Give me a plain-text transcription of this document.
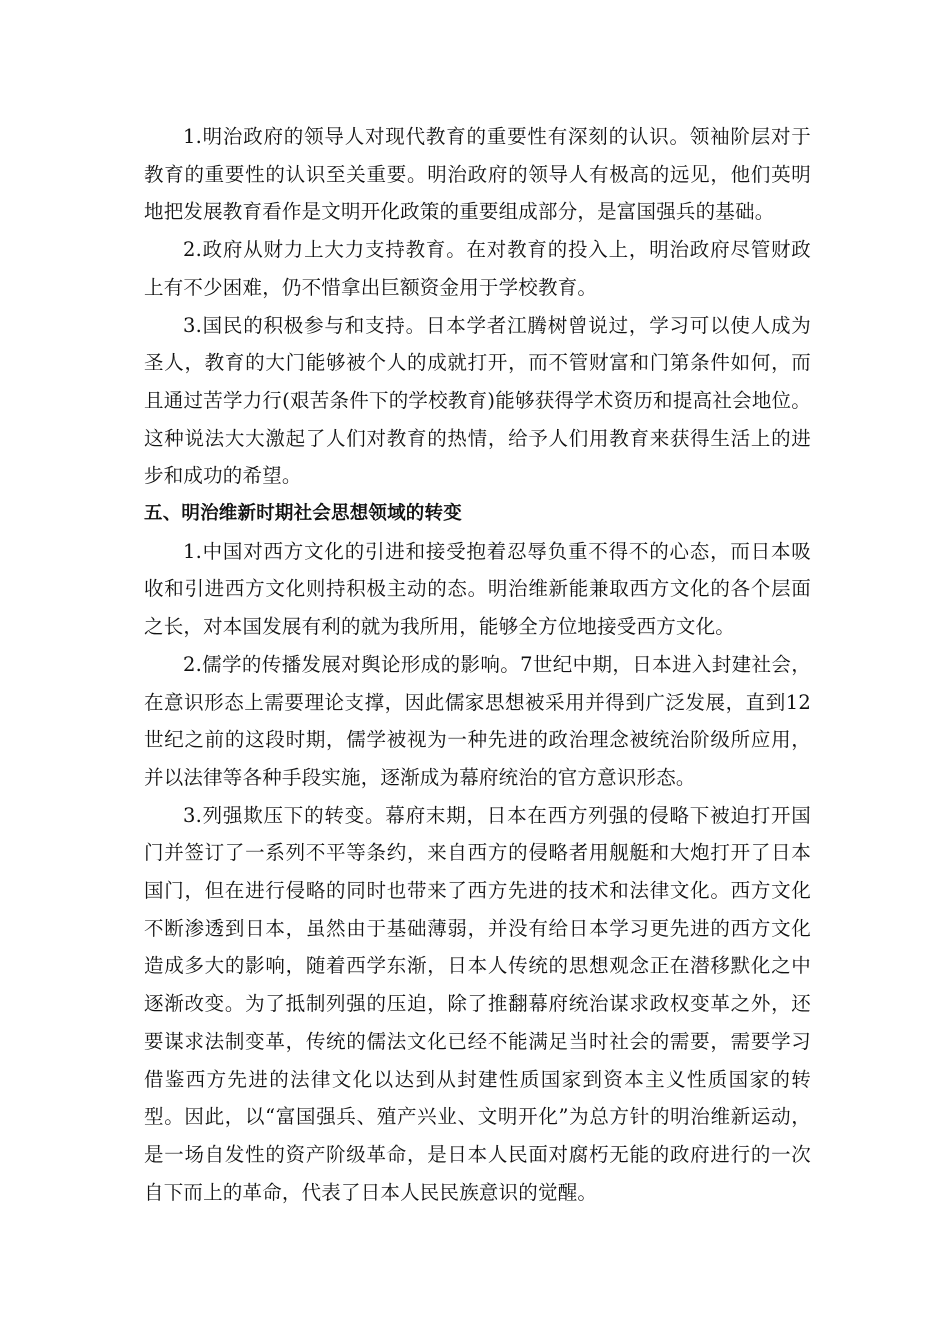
1.明治政府的领导人对现代教育的重要性有深刻的认识。领袖阶层对于教育的重要性的认识至关重要。明治政府的领导人有极高的远见，他们英明地把发展教育看作是文明开化政策的重要组成部分，是富国强兵的基础。

2.政府从财力上大力支持教育。在对教育的投入上，明治政府尽管财政上有不少困难，仍不惜拿出巨额资金用于学校教育。

3.国民的积极参与和支持。日本学者江腾树曾说过，学习可以使人成为圣人，教育的大门能够被个人的成就打开，而不管财富和门第条件如何，而且通过苦学力行(艰苦条件下的学校教育)能够获得学术资历和提高社会地位。这种说法大大激起了人们对教育的热情，给予人们用教育来获得生活上的进步和成功的希望。

五、明治维新时期社会思想领域的转变

1.中国对西方文化的引进和接受抱着忍辱负重不得不的心态，而日本吸收和引进西方文化则持积极主动的态。明治维新能兼取西方文化的各个层面之长，对本国发展有利的就为我所用，能够全方位地接受西方文化。

2.儒学的传播发展对舆论形成的影响。7世纪中期，日本进入封建社会，在意识形态上需要理论支撑，因此儒家思想被采用并得到广泛发展，直到12世纪之前的这段时期，儒学被视为一种先进的政治理念被统治阶级所应用，并以法律等各种手段实施，逐渐成为幕府统治的官方意识形态。

3.列强欺压下的转变。幕府末期，日本在西方列强的侵略下被迫打开国门并签订了一系列不平等条约，来自西方的侵略者用舰艇和大炮打开了日本国门，但在进行侵略的同时也带来了西方先进的技术和法律文化。西方文化不断渗透到日本，虽然由于基础薄弱，并没有给日本学习更先进的西方文化造成多大的影响，随着西学东渐，日本人传统的思想观念正在潜移默化之中逐渐改变。为了抵制列强的压迫，除了推翻幕府统治谋求政权变革之外，还要谋求法制变革，传统的儒法文化已经不能满足当时社会的需要，需要学习借鉴西方先进的法律文化以达到从封建性质国家到资本主义性质国家的转型。因此，以“富国强兵、殖产兴业、文明开化”为总方针的明治维新运动，是一场自发性的资产阶级革命，是日本人民面对腐朽无能的政府进行的一次自下而上的革命，代表了日本人民民族意识的觉醒。
